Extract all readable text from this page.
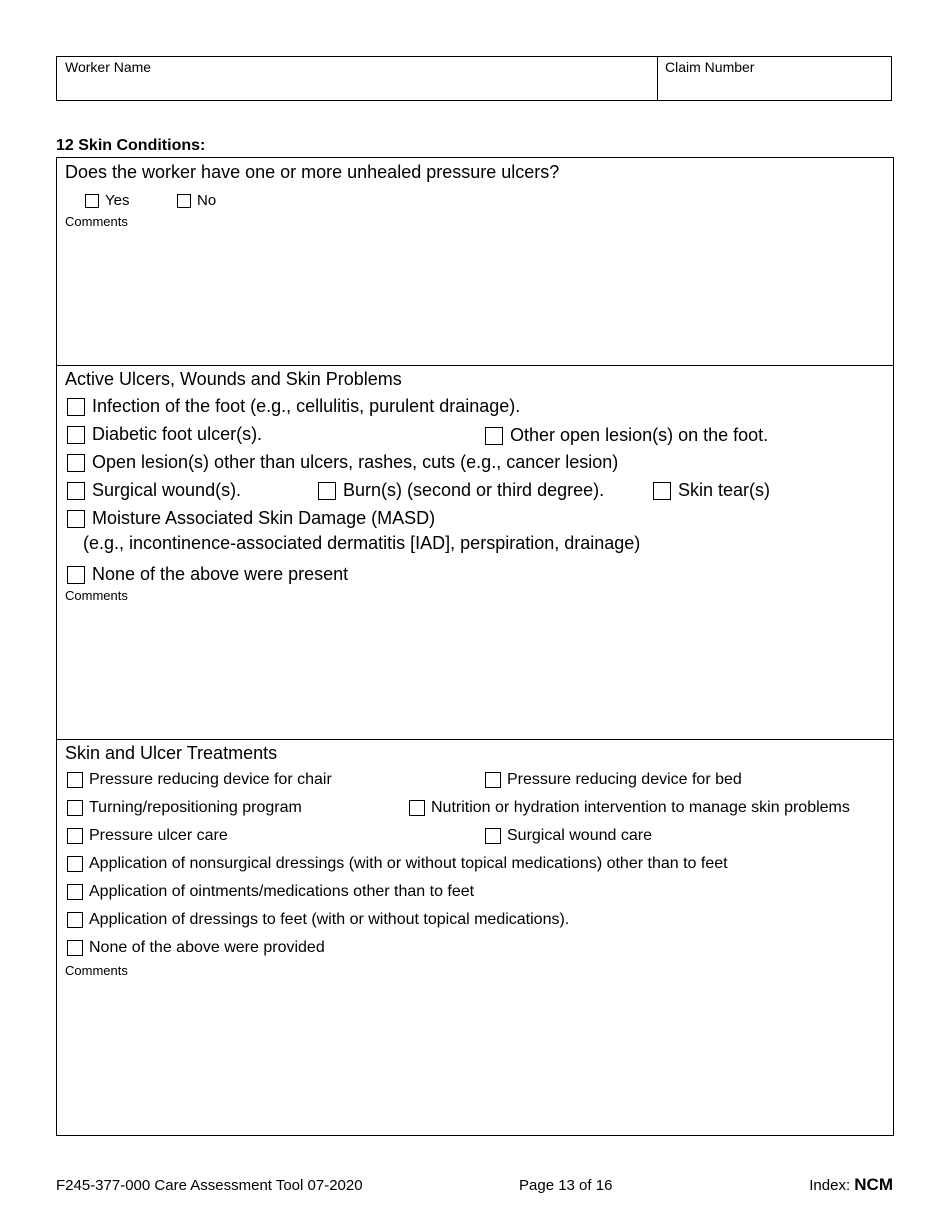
Worker Name	Claim Number
12 Skin Conditions:
Does the worker have one or more unhealed pressure ulcers?
Yes	No
Comments
Active Ulcers, Wounds and Skin Problems
Infection of the foot (e.g., cellulitis, purulent drainage).
Diabetic foot ulcer(s).	Other open lesion(s) on the foot.
Open lesion(s) other than ulcers, rashes, cuts (e.g., cancer lesion)
Surgical wound(s).	Burn(s) (second or third degree).	Skin tear(s)
Moisture Associated Skin Damage (MASD)
(e.g., incontinence-associated dermatitis [IAD], perspiration, drainage)
None of the above were present
Comments
Skin and Ulcer Treatments
Pressure reducing device for chair	Pressure reducing device for bed
Turning/repositioning program	Nutrition or hydration intervention to manage skin problems
Pressure ulcer care	Surgical wound care
Application of nonsurgical dressings (with or without topical medications) other than to feet
Application of ointments/medications other than to feet
Application of dressings to feet (with or without topical medications).
None of the above were provided
Comments
F245-377-000 Care Assessment Tool 07-2020	Page 13 of 16	Index: NCM
